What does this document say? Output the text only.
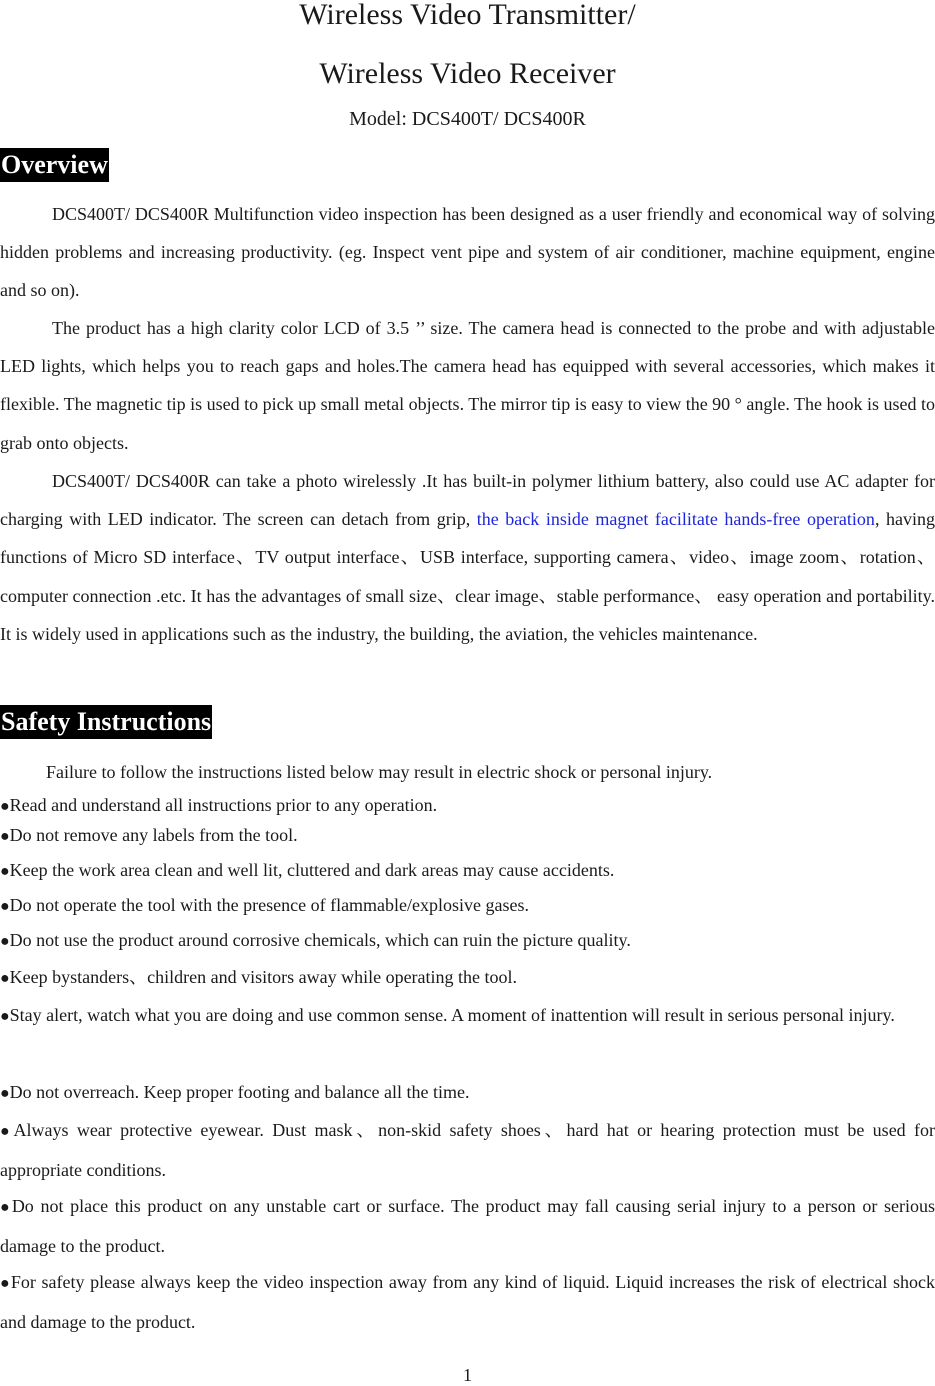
Wireless Video Transmitter/
Wireless Video Receiver

Model: DCS400T/ DCS400R

Overview

DCS400T/ DCS400R Multifunction video inspection has been designed as a user friendly and economical way of solving hidden problems and increasing productivity. (eg. Inspect vent pipe and system of air conditioner, machine equipment, engine and so on).

The product has a high clarity color LCD of 3.5 ’’ size. The camera head is connected to the probe and with adjustable LED lights, which helps you to reach gaps and holes.The camera head has equipped with several accessories, which makes it flexible. The magnetic tip is used to pick up small metal objects. The mirror tip is easy to view the 90 ° angle. The hook is used to grab onto objects.

DCS400T/ DCS400R can take a photo wirelessly .It has built-in polymer lithium battery, also could use AC adapter for charging with LED indicator. The screen can detach from grip, the back inside magnet facilitate hands-free operation, having functions of Micro SD interface、TV output interface、USB interface, supporting camera、video、image zoom、rotation、computer connection .etc. It has the advantages of small size、clear image、stable performance、 easy operation and portability. It is widely used in applications such as the industry, the building, the aviation, the vehicles maintenance.

Safety Instructions

Failure to follow the instructions listed below may result in electric shock or personal injury.

●Read and understand all instructions prior to any operation.

●Do not remove any labels from the tool.

●Keep the work area clean and well lit, cluttered and dark areas may cause accidents.

●Do not operate the tool with the presence of flammable/explosive gases.

●Do not use the product around corrosive chemicals, which can ruin the picture quality.

●Keep bystanders、children and visitors away while operating the tool.

●Stay alert, watch what you are doing and use common sense. A moment of inattention will result in serious personal injury.

●Do not overreach. Keep proper footing and balance all the time.

●Always wear protective eyewear. Dust mask、non-skid safety shoes、hard hat or hearing protection must be used for appropriate conditions.

●Do not place this product on any unstable cart or surface. The product may fall causing serial injury to a person or serious damage to the product.

●For safety please always keep the video inspection away from any kind of liquid. Liquid increases the risk of electrical shock and damage to the product.

1
